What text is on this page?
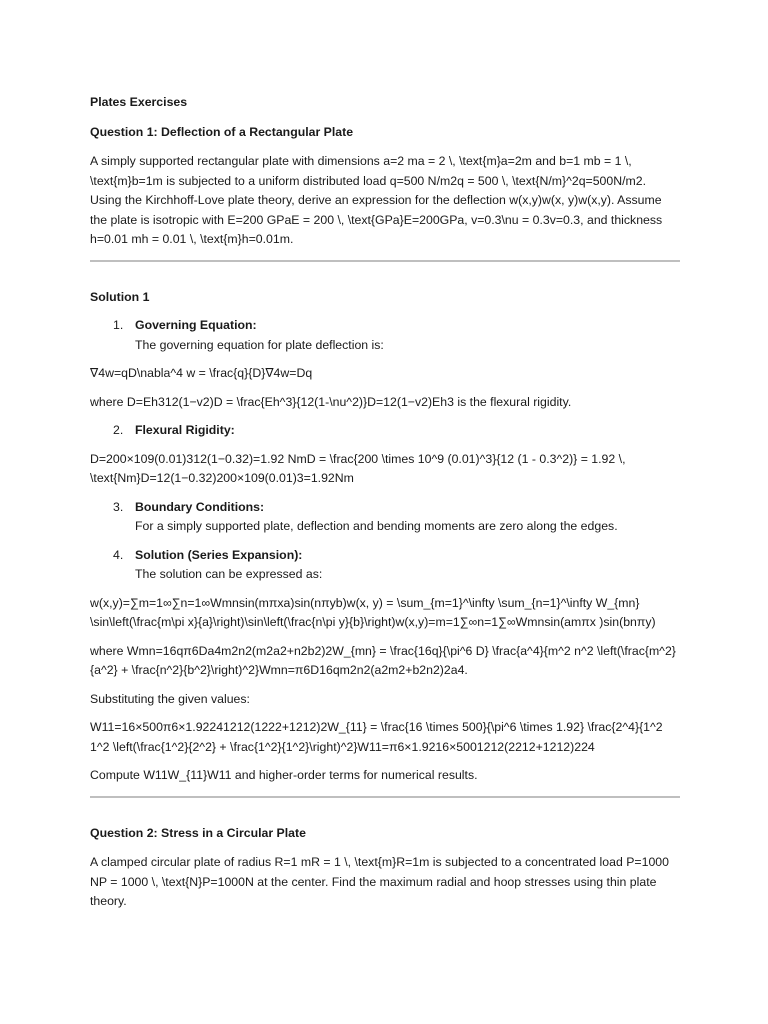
Plates Exercises

Question 1: Deflection of a Rectangular Plate

A simply supported rectangular plate with dimensions a=2 ma = 2 \, \text{m}a=2m and b=1 mb = 1 \, \text{m}b=1m is subjected to a uniform distributed load q=500 N/m2q = 500 \, \text{N/m}^2q=500N/m2. Using the Kirchhoff-Love plate theory, derive an expression for the deflection w(x,y)w(x, y)w(x,y). Assume the plate is isotropic with E=200 GPaE = 200 \, \text{GPa}E=200GPa, v=0.3\nu = 0.3v=0.3, and thickness h=0.01 mh = 0.01 \, \text{m}h=0.01m.

Solution 1

1. Governing Equation:

The governing equation for plate deflection is:

∇4w=qD\nabla^4 w = \frac{q}{D}∇4w=Dq

where D=Eh312(1−v2)D = \frac{Eh^3}{12(1-\nu^2)}D=12(1−v2)Eh3 is the flexural rigidity.

2. Flexural Rigidity:

D=200×109(0.01)312(1−0.32)=1.92 NmD = \frac{200 \times 10^9 (0.01)^3}{12 (1 - 0.3^2)} = 1.92 \, \text{Nm}D=12(1−0.32)200×109(0.01)3=1.92Nm

3. Boundary Conditions:

For a simply supported plate, deflection and bending moments are zero along the edges.

4. Solution (Series Expansion):

The solution can be expressed as:

w(x,y)=∑m=1∞∑n=1∞Wmnsin(mπxa)sin(nπyb)w(x, y) = \sum_{m=1}^\infty \sum_{n=1}^\infty W_{mn} \sin\left(\frac{m\pi x}{a}\right)\sin\left(\frac{n\pi y}{b}\right)w(x,y)=m=1∑∞n=1∑∞Wmnsin(amπx )sin(bnπy)

where Wmn=16qπ6Da4m2n2(m2a2+n2b2)2W_{mn} = \frac{16q}{\pi^6 D} \frac{a^4}{m^2 n^2 \left(\frac{m^2}{a^2} + \frac{n^2}{b^2}\right)^2}Wmn=π6D16qm2n2(a2m2+b2n2)2a4.

Substituting the given values:

W11=16×500π6×1.92241212(1222+1212)2W_{11} = \frac{16 \times 500}{\pi^6 \times 1.92} \frac{2^4}{1^2 1^2 \left(\frac{1^2}{2^2} + \frac{1^2}{1^2}\right)^2}W11=π6×1.9216×5001212(2212+1212)224

Compute W11W_{11}W11 and higher-order terms for numerical results.

Question 2: Stress in a Circular Plate

A clamped circular plate of radius R=1 mR = 1 \, \text{m}R=1m is subjected to a concentrated load P=1000 NP = 1000 \, \text{N}P=1000N at the center. Find the maximum radial and hoop stresses using thin plate theory.
